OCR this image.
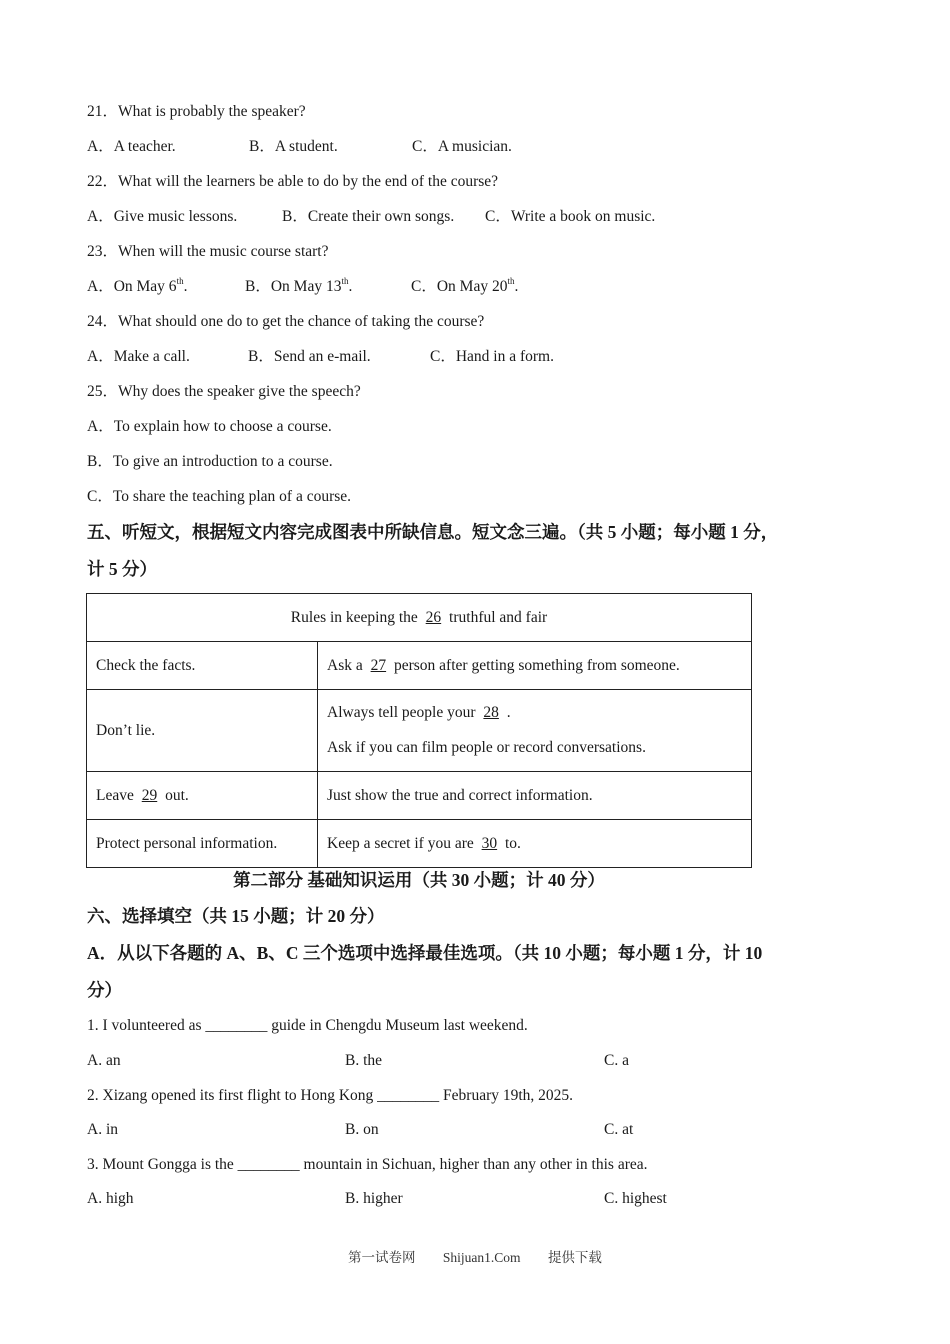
21．What is probably the speaker?
A．A teacher.	B．A student.	C．A musician.
22．What will the learners be able to do by the end of the course?
A．Give music lessons.	B．Create their own songs. C．Write a book on music.
23．When will the music course start?
A．On May 6th.	B．On May 13th.	C．On May 20th.
24．What should one do to get the chance of taking the course?
A．Make a call.	B．Send an e-mail.	C．Hand in a form.
25．Why does the speaker give the speech?
A．To explain how to choose a course.
B．To give an introduction to a course.
C．To share the teaching plan of a course.
五、听短文，根据短文内容完成图表中所缺信息。短文念三遍。（共 5 小题；每小题 1 分，
计 5 分）
Rules in keeping the 26 truthful and fair	
Check the facts.	Ask a 27 person after getting something from someone.
Don’t lie.	Always tell people your 28 .
Ask if you can film people or record conversations.

Leave 29 out.	Just show the true and correct information.
Protect personal information.	Keep a secret if you are 30 to.
第二部分 基础知识运用（共 30 小题；计 40 分）
六、选择填空（共 15 小题；计 20 分）
A．从以下各题的 A、B、C 三个选项中选择最佳选项。（共 10 小题；每小题 1 分，计 10
分）
1. I volunteered as ________ guide in Chengdu Museum last weekend.
A. an	B. the	C. a
2. Xizang opened its first flight to Hong Kong ________ February 19th, 2025.
A. in	B. on	C. at
3. Mount Gongga is the ________ mountain in Sichuan, higher than any other in this area.
A. high	B. higher	C. highest
第一试卷网 Shijuan1.Com 提供下载
